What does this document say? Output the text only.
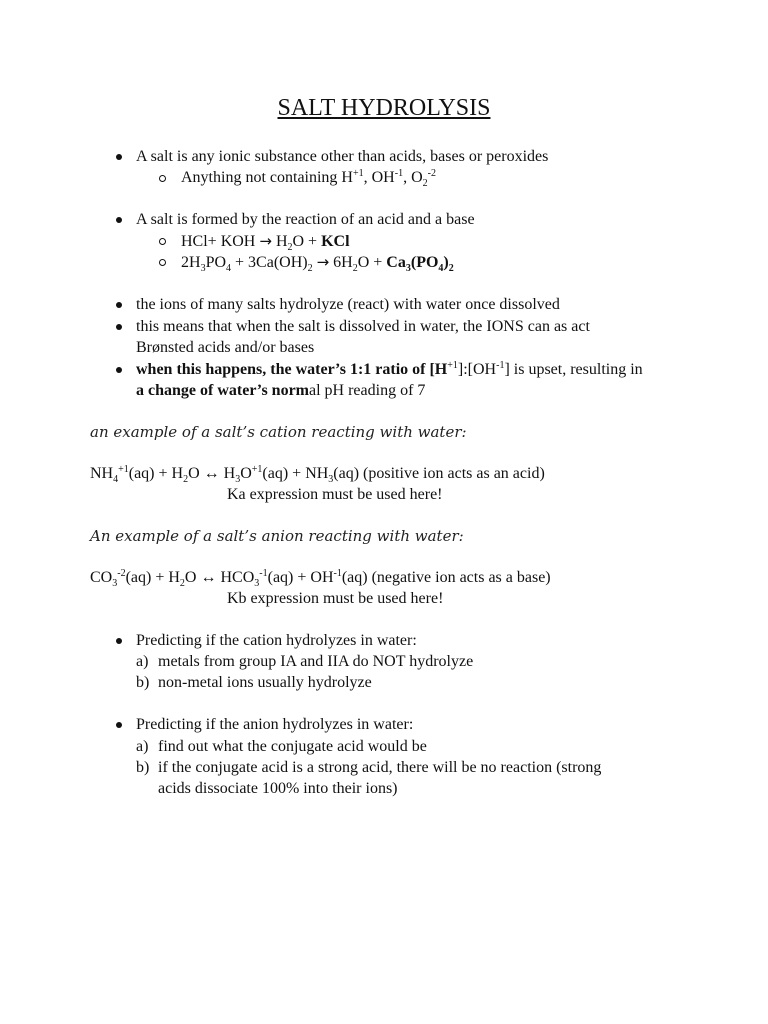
SALT HYDROLYSIS
A salt is any ionic substance other than acids, bases or peroxides
Anything not containing $H^{+1}$, $OH^{-1}$, $O_2^{-2}$
A salt is formed by the reaction of an acid and a base
HCl+ KOH → $H_2O$ + KCl
$2H_3PO_4 + 3Ca(OH)_2 \to 6H_2O + Ca_3(PO_4)_2$
the ions of many salts hydrolyze (react) with water once dissolved
this means that when the salt is dissolved in water, the IONS can as act
Brønsted acids and/or bases
when this happens, the water’s 1:1 ratio of $[H^{+1}]:[OH^{-1}]$ is upset, resulting in
a change of water’s normal pH reading of 7
an example of a salt’s cation reacting with water:
$NH_4^{+1}(aq) + H_2O$ ↔ $H_3O^{+1}(aq) + NH_3(aq)$ (positive ion acts as an acid)
Ka expression must be used here!
An example of a salt’s anion reacting with water:
$CO_3^{-2}(aq) + H_2O$ ↔ $HCO_3^{-1}(aq) + OH^{-1}(aq)$ (negative ion acts as a base)
Kb expression must be used here!
Predicting if the cation hydrolyzes in water:
a) metals from group IA and IIA do NOT hydrolyze
b) non-metal ions usually hydrolyze
Predicting if the anion hydrolyzes in water:
a) find out what the conjugate acid would be
b) if the conjugate acid is a strong acid, there will be no reaction (strong
acids dissociate 100% into their ions)
